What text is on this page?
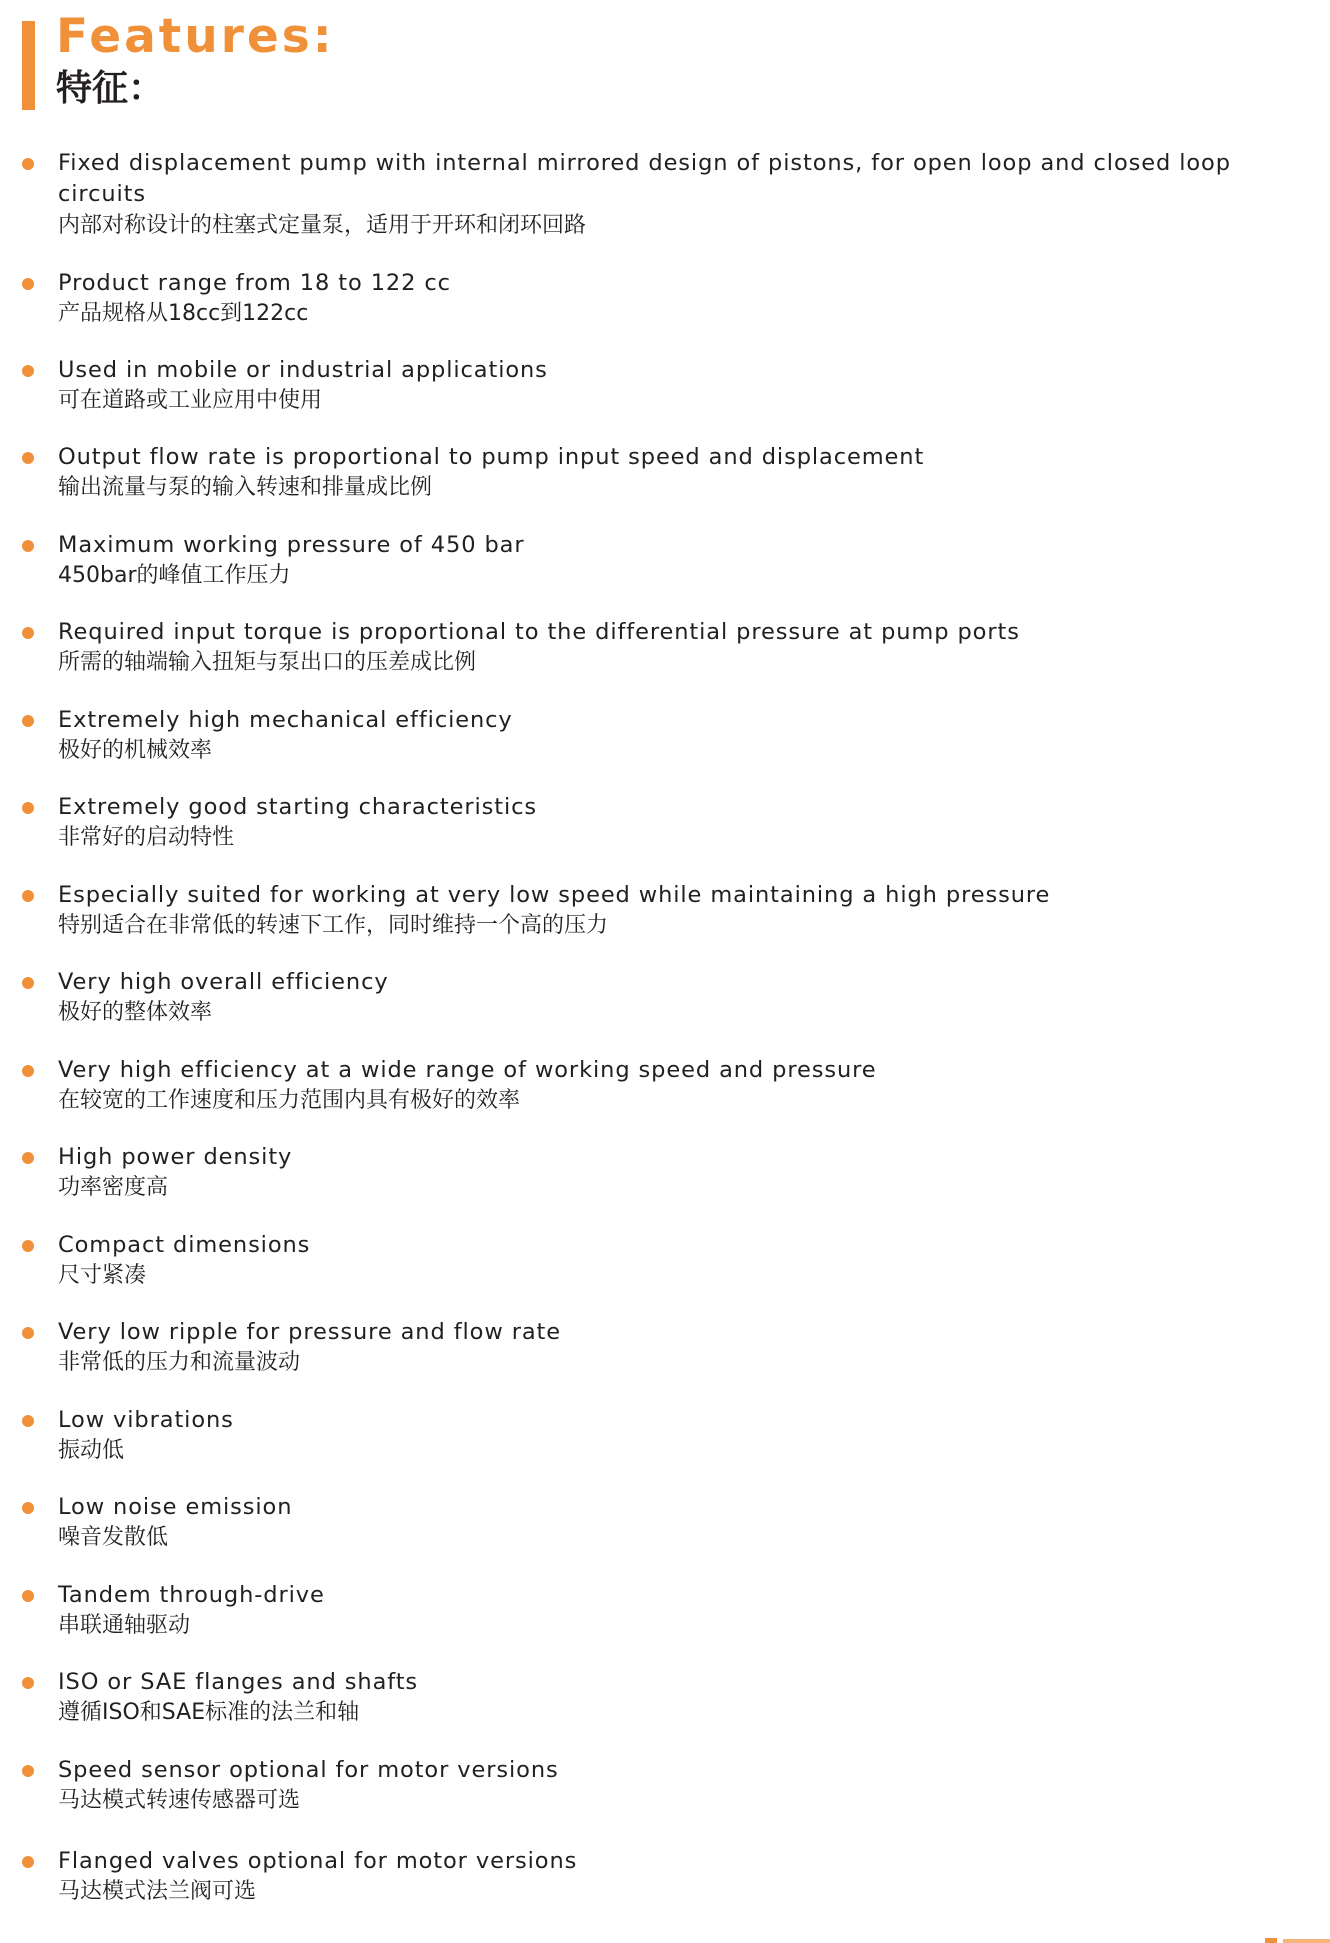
Features:
特征：
Fixed displacement pump with internal mirrored design of pistons, for open loop and closed loop
circuits
内部对称设计的柱塞式定量泵，适用于开环和闭环回路
Product range from 18 to 122 cc
产品规格从18cc到122cc
Used in mobile or industrial applications
可在道路或工业应用中使用
Output flow rate is proportional to pump input speed and displacement
输出流量与泵的输入转速和排量成比例
Maximum working pressure of 450 bar
450bar的峰值工作压力
Required input torque is proportional to the differential pressure at pump ports
所需的轴端输入扭矩与泵出口的压差成比例
Extremely high mechanical efficiency
极好的机械效率
Extremely good starting characteristics
非常好的启动特性
Especially suited for working at very low speed while maintaining a high pressure
特别适合在非常低的转速下工作，同时维持一个高的压力
Very high overall efficiency
极好的整体效率
Very high efficiency at a wide range of working speed and pressure
在较宽的工作速度和压力范围内具有极好的效率
High power density
功率密度高
Compact dimensions
尺寸紧凑
Very low ripple for pressure and flow rate
非常低的压力和流量波动
Low vibrations
振动低
Low noise emission
噪音发散低
Tandem through-drive
串联通轴驱动
ISO or SAE flanges and shafts
遵循ISO和SAE标准的法兰和轴
Speed sensor optional for motor versions
马达模式转速传感器可选
Flanged valves optional for motor versions
马达模式法兰阀可选
